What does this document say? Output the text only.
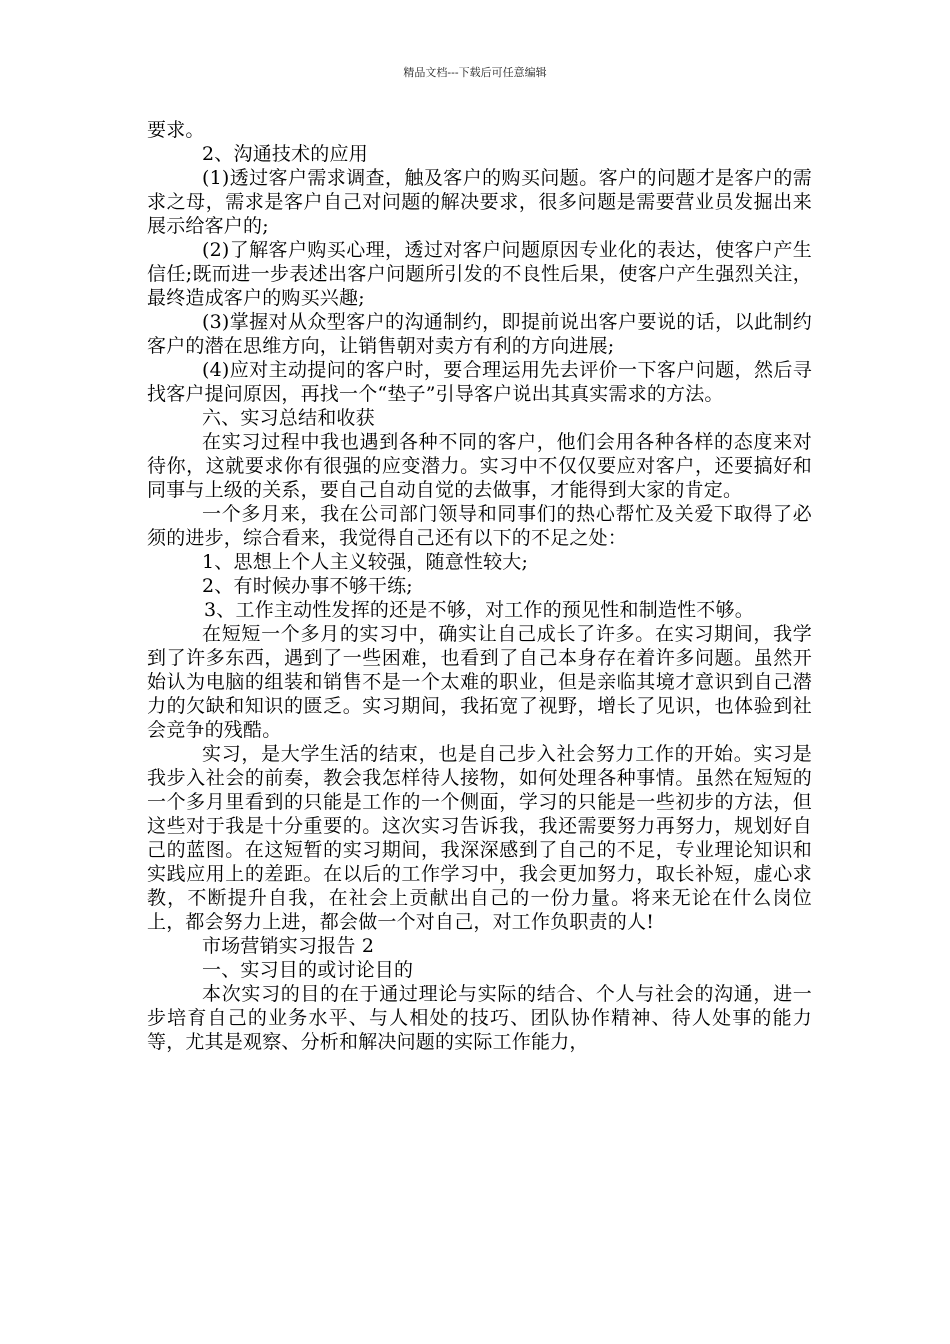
精品文档---下载后可任意编辑

要求。

2、沟通技术的应用

(1)透过客户需求调查，触及客户的购买问题。客户的问题才是客户的需求之母，需求是客户自己对问题的解决要求，很多问题是需要营业员发掘出来展示给客户的;

(2)了解客户购买心理，透过对客户问题原因专业化的表达，使客户产生信任;既而进一步表述出客户问题所引发的不良性后果，使客户产生强烈关注，最终造成客户的购买兴趣;

(3)掌握对从众型客户的沟通制约，即提前说出客户要说的话，以此制约客户的潜在思维方向，让销售朝对卖方有利的方向进展;

(4)应对主动提问的客户时，要合理运用先去评价一下客户问题，然后寻找客户提问原因，再找一个“垫子”引导客户说出其真实需求的方法。

六、实习总结和收获

在实习过程中我也遇到各种不同的客户，他们会用各种各样的态度来对待你，这就要求你有很强的应变潜力。实习中不仅仅要应对客户，还要搞好和同事与上级的关系，要自己自动自觉的去做事，才能得到大家的肯定。

一个多月来，我在公司部门领导和同事们的热心帮忙及关爱下取得了必须的进步，综合看来，我觉得自己还有以下的不足之处：

1、思想上个人主义较强，随意性较大;

2、有时候办事不够干练;

3、工作主动性发挥的还是不够，对工作的预见性和制造性不够。

在短短一个多月的实习中，确实让自己成长了许多。在实习期间，我学到了许多东西，遇到了一些困难，也看到了自己本身存在着许多问题。虽然开始认为电脑的组装和销售不是一个太难的职业，但是亲临其境才意识到自己潜力的欠缺和知识的匮乏。实习期间，我拓宽了视野，增长了见识，也体验到社会竞争的残酷。

实习，是大学生活的结束，也是自己步入社会努力工作的开始。实习是我步入社会的前奏，教会我怎样待人接物，如何处理各种事情。虽然在短短的一个多月里看到的只能是工作的一个侧面，学习的只能是一些初步的方法，但这些对于我是十分重要的。这次实习告诉我，我还需要努力再努力，规划好自己的蓝图。在这短暂的实习期间，我深深感到了自己的不足，专业理论知识和实践应用上的差距。在以后的工作学习中，我会更加努力，取长补短，虚心求教，不断提升自我，在社会上贡献出自己的一份力量。将来无论在什么岗位上，都会努力上进，都会做一个对自己，对工作负职责的人!

市场营销实习报告 2

一、实习目的或讨论目的

本次实习的目的在于通过理论与实际的结合、个人与社会的沟通，进一步培育自己的业务水平、与人相处的技巧、团队协作精神、待人处事的能力等，尤其是观察、分析和解决问题的实际工作能力，
